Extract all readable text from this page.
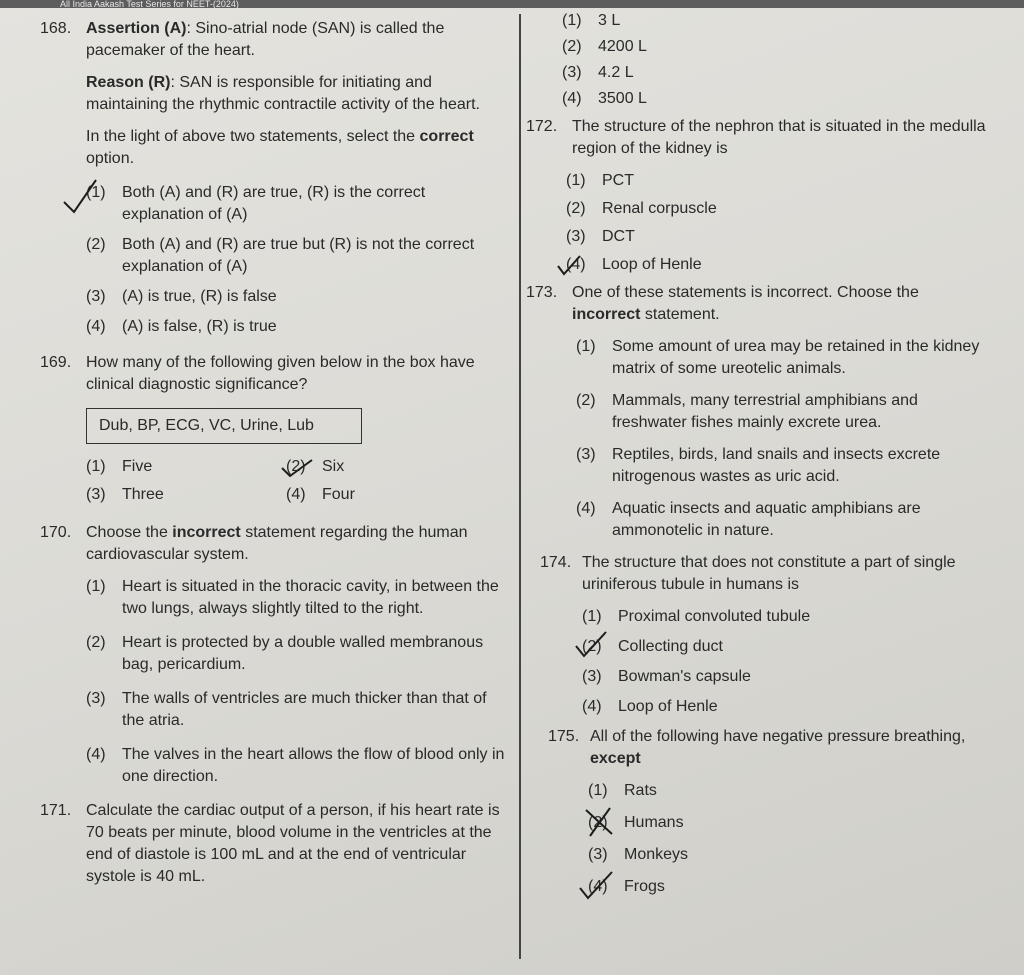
All India Aakash Test Series for NEET-(2024)
168. Assertion (A): Sino-atrial node (SAN) is called the pacemaker of the heart.
Reason (R): SAN is responsible for initiating and maintaining the rhythmic contractile activity of the heart.
In the light of above two statements, select the correct option.
(1) Both (A) and (R) are true, (R) is the correct explanation of (A)
(2) Both (A) and (R) are true but (R) is not the correct explanation of (A)
(3) (A) is true, (R) is false
(4) (A) is false, (R) is true
169. How many of the following given below in the box have clinical diagnostic significance?
Dub, BP, ECG, VC, Urine, Lub
(1) Five	(2) Six
(3) Three	(4) Four
170. Choose the incorrect statement regarding the human cardiovascular system.
(1) Heart is situated in the thoracic cavity, in between the two lungs, always slightly tilted to the right.
(2) Heart is protected by a double walled membranous bag, pericardium.
(3) The walls of ventricles are much thicker than that of the atria.
(4) The valves in the heart allows the flow of blood only in one direction.
171. Calculate the cardiac output of a person, if his heart rate is 70 beats per minute, blood volume in the ventricles at the end of diastole is 100 mL and at the end of ventricular systole is 40 mL.
(1) 3 L
(2) 4200 L
(3) 4.2 L
(4) 3500 L
172. The structure of the nephron that is situated in the medulla region of the kidney is
(1) PCT
(2) Renal corpuscle
(3) DCT
(4) Loop of Henle
173. One of these statements is incorrect. Choose the
incorrect statement.
(1) Some amount of urea may be retained in the kidney matrix of some ureotelic animals.
(2) Mammals, many terrestrial amphibians and freshwater fishes mainly excrete urea.
(3) Reptiles, birds, land snails and insects excrete nitrogenous wastes as uric acid.
(4) Aquatic insects and aquatic amphibians are ammonotelic in nature.
174. The structure that does not constitute a part of single uriniferous tubule in humans is
(1) Proximal convoluted tubule
(2) Collecting duct
(3) Bowman's capsule
(4) Loop of Henle
175. All of the following have negative pressure breathing, except
(1) Rats
(2) Humans
(3) Monkeys
(4) Frogs
